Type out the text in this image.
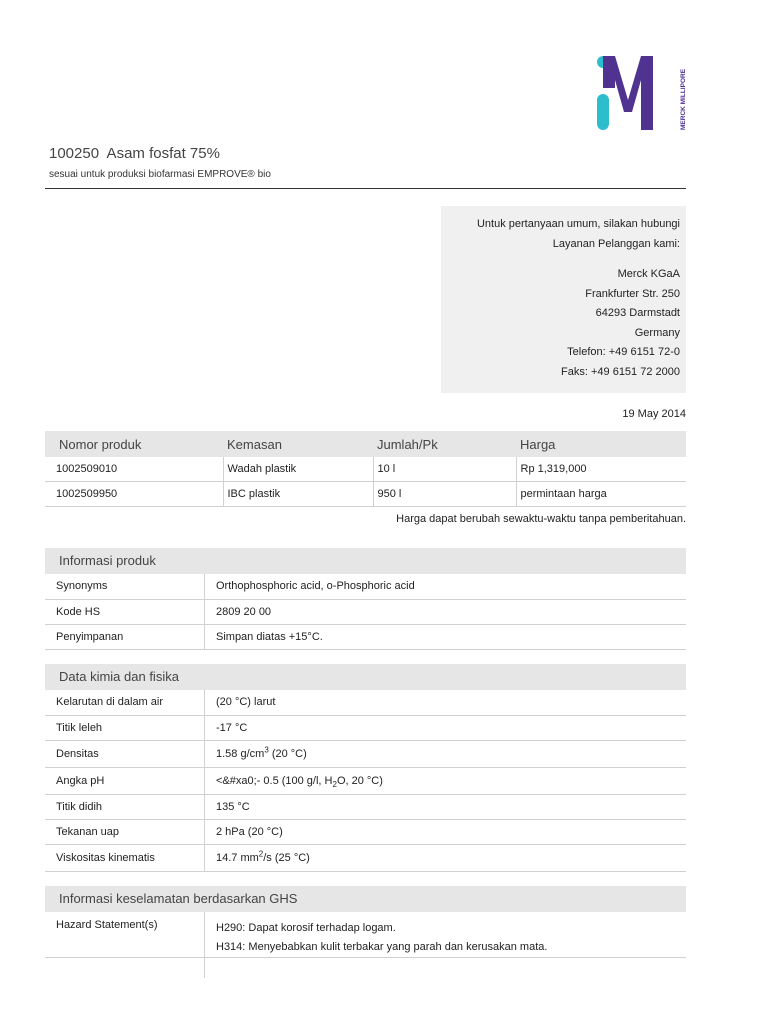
MERCK MILLIPORE
100250  Asam fosfat 75%
sesuai untuk produksi biofarmasi EMPROVE® bio
Untuk pertanyaan umum, silakan hubungi
Layanan Pelanggan kami:
Merck KGaA
Frankfurter Str. 250
64293 Darmstadt
Germany
Telefon: +49 6151 72-0
Faks: +49 6151 72 2000
19 May 2014
Nomor produk	Kemasan	Jumlah/Pk	Harga
1002509010	Wadah plastik	10 l	Rp 1,319,000
1002509950	IBC plastik	950 l	permintaan harga
Harga dapat berubah sewaktu-waktu tanpa pemberitahuan.
Informasi produk
Synonyms	Orthophosphoric acid, o-Phosphoric acid
Kode HS	2809 20 00
Penyimpanan	Simpan diatas +15°C.
Data kimia dan fisika
Kelarutan di dalam air	(20 °C) larut
Titik leleh	-17 °C
Densitas	1.58 $g/cm^3$ (20 °C)
Angka pH	<&#xa0;- 0.5 (100 g/l, $H_2O$, 20 °C)
Titik didih	135 °C
Tekanan uap	2 hPa (20 °C)
Viskositas kinematis	14.7 $mm^2/s$ (25 °C)
Informasi keselamatan berdasarkan GHS
Hazard Statement(s)	H290: Dapat korosif terhadap logam.
H314: Menyebabkan kulit terbakar yang parah dan kerusakan mata.
